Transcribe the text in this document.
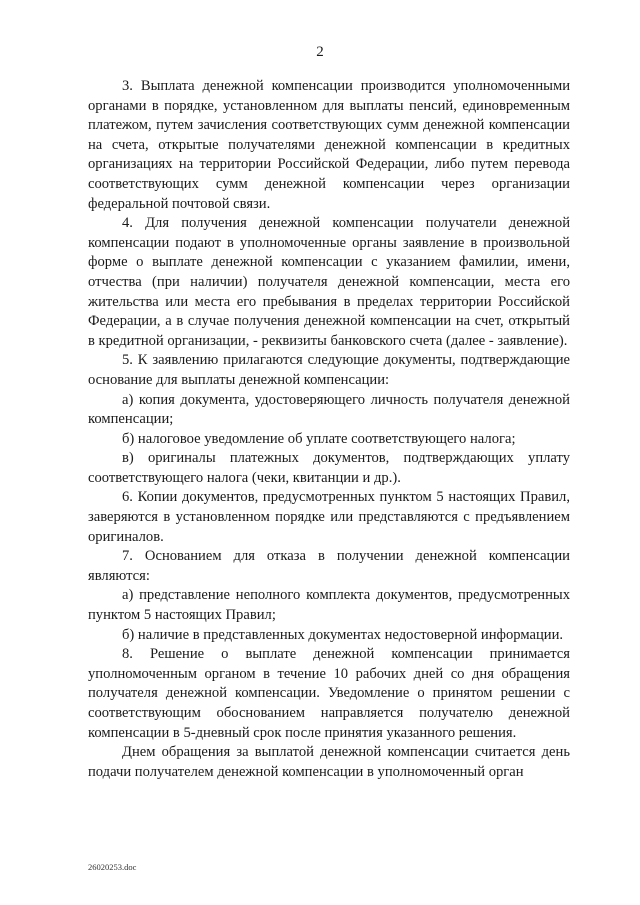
2

3. Выплата денежной компенсации производится уполномоченными органами в порядке, установленном для выплаты пенсий, единовременным платежом, путем зачисления соответствующих сумм денежной компенсации на счета, открытые получателями денежной компенсации в кредитных организациях на территории Российской Федерации, либо путем перевода соответствующих сумм денежной компенсации через организации федеральной почтовой связи.

4. Для получения денежной компенсации получатели денежной компенсации подают в уполномоченные органы заявление в произвольной форме о выплате денежной компенсации с указанием фамилии, имени, отчества (при наличии) получателя денежной компенсации, места его жительства или места его пребывания в пределах территории Российской Федерации, а в случае получения денежной компенсации на счет, открытый в кредитной организации, - реквизиты банковского счета (далее - заявление).

5. К заявлению прилагаются следующие документы, подтверждающие основание для выплаты денежной компенсации:

а) копия документа, удостоверяющего личность получателя денежной компенсации;

б) налоговое уведомление об уплате соответствующего налога;

в) оригиналы платежных документов, подтверждающих уплату соответствующего налога (чеки, квитанции и др.).

6. Копии документов, предусмотренных пунктом 5 настоящих Правил, заверяются в установленном порядке или представляются с предъявлением оригиналов.

7. Основанием для отказа в получении денежной компенсации являются:

а) представление неполного комплекта документов, предусмотренных пунктом 5 настоящих Правил;

б) наличие в представленных документах недостоверной информации.

8. Решение о выплате денежной компенсации принимается уполномоченным органом в течение 10 рабочих дней со дня обращения получателя денежной компенсации. Уведомление о принятом решении с соответствующим обоснованием направляется получателю денежной компенсации в 5-дневный срок после принятия указанного решения.

Днем обращения за выплатой денежной компенсации считается день подачи получателем денежной компенсации в уполномоченный орган

26020253.doc
